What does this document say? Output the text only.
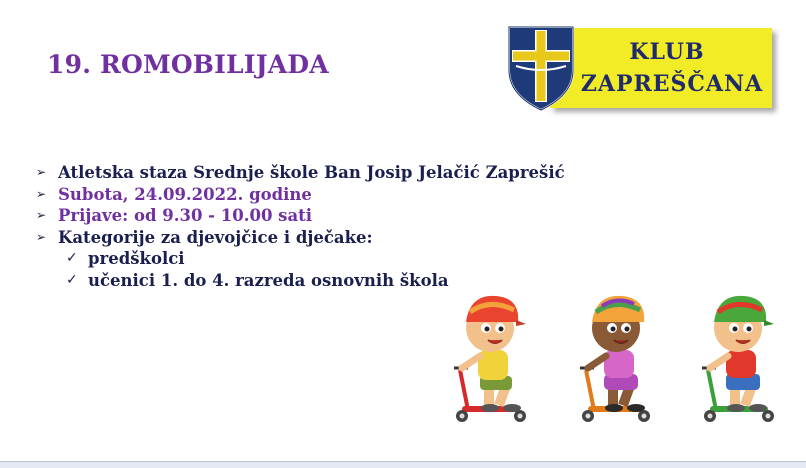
19. ROMOBILIJADA	KLUB
ZAPREŠČANA
➢ Atletska staza Srednje škole Ban Josip Jelačić Zaprešić
➢ Subota, 24.09.2022. godine
➢ Prijave: od 9.30 - 10.00 sati
➢ Kategorije za djevojčice i dječake:
✓ predškolci
✓ učenici 1. do 4. razreda osnovnih škola
